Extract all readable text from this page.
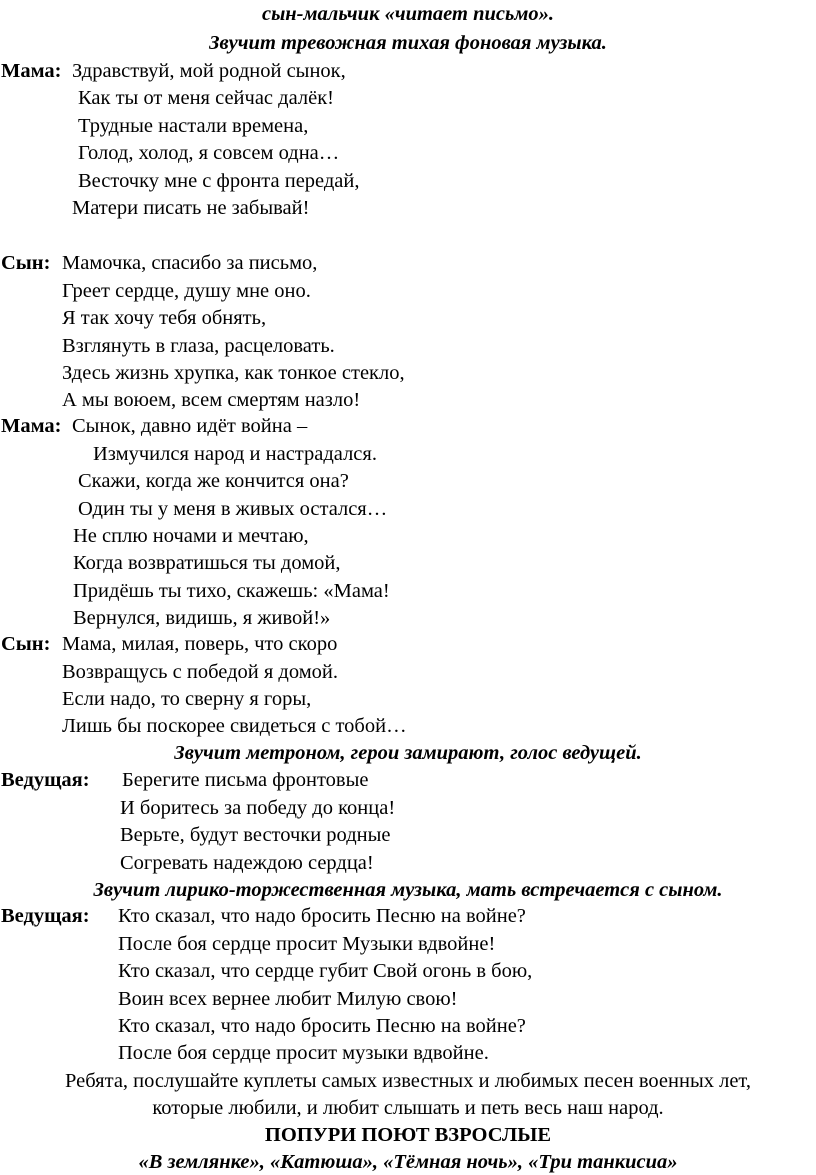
сын-мальчик «читает письмо».
Звучит тревожная тихая фоновая музыка.
Мама: Здравствуй, мой родной сынок,
Как ты от меня сейчас далёк!
Трудные настали времена,
Голод, холод, я совсем одна…
Весточку мне с фронта передай,
Матери писать не забывай!
Сын: Мамочка, спасибо за письмо,
Греет сердце, душу мне оно.
Я так хочу тебя обнять,
Взглянуть в глаза, расцеловать.
Здесь жизнь хрупка, как тонкое стекло,
А мы воюем, всем смертям назло!
Мама: Сынок, давно идёт война –
Измучился народ и настрадался.
Скажи, когда же кончится она?
Один ты у меня в живых остался…
Не сплю ночами и мечтаю,
Когда возвратишься ты домой,
Придёшь ты тихо, скажешь: «Мама!
Вернулся, видишь, я живой!»
Сын: Мама, милая, поверь, что скоро
Возвращусь с победой я домой.
Если надо, то сверну я горы,
Лишь бы поскорее свидеться с тобой…
Звучит метроном, герои замирают, голос ведущей.
Ведущая: Берегите письма фронтовые
И боритесь за победу до конца!
Верьте, будут весточки родные
Согревать надеждою сердца!
Звучит лирико-торжественная музыка, мать встречается с сыном.
Ведущая: Кто сказал, что надо бросить Песню на войне?
После боя сердце просит Музыки вдвойне!
Кто сказал, что сердце губит Свой огонь в бою,
Воин всех вернее любит Милую свою!
Кто сказал, что надо бросить Песню на войне?
После боя сердце просит музыки вдвойне.
Ребята, послушайте куплеты самых известных и любимых песен военных лет,
которые любили, и любит слышать и петь весь наш народ.
ПОПУРИ ПОЮТ ВЗРОСЛЫЕ
«В землянке», «Катюша», «Тёмная ночь», «Три танкисиа»
